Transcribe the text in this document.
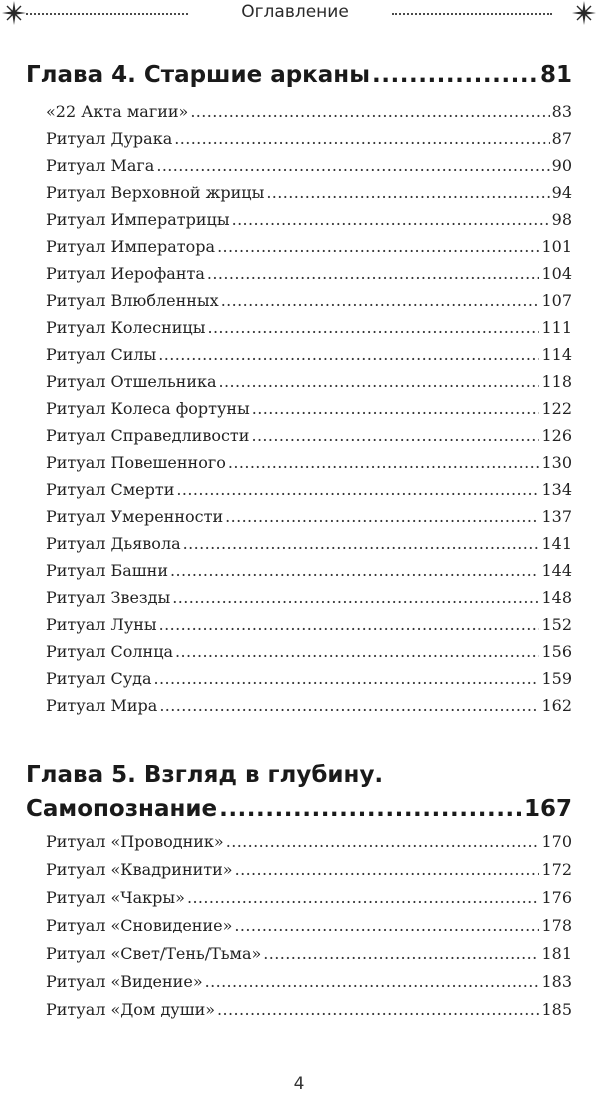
Оглавление
Глава 4. Старшие арканы .....	81
«22 Акта магии» .....	83
Ритуал Дурака .....	87
Ритуал Мага .....	90
Ритуал Верховной жрицы .....	94
Ритуал Императрицы .....	98
Ритуал Императора .....	101
Ритуал Иерофанта .....	104
Ритуал Влюбленных .....	107
Ритуал Колесницы .....	111
Ритуал Силы .....	114
Ритуал Отшельника .....	118
Ритуал Колеса фортуны .....	122
Ритуал Справедливости .....	126
Ритуал Повешенного .....	130
Ритуал Смерти .....	134
Ритуал Умеренности .....	137
Ритуал Дьявола .....	141
Ритуал Башни .....	144
Ритуал Звезды .....	148
Ритуал Луны .....	152
Ритуал Солнца .....	156
Ритуал Суда .....	159
Ритуал Мира .....	162
Глава 5. Взгляд в глубину.
Самопознание .....	167
Ритуал «Проводник» .....	170
Ритуал «Квадринити» .....	172
Ритуал «Чакры» .....	176
Ритуал «Сновидение» .....	178
Ритуал «Свет/Тень/Тьма» .....	181
Ритуал «Видение» .....	183
Ритуал «Дом души» .....	185
4
